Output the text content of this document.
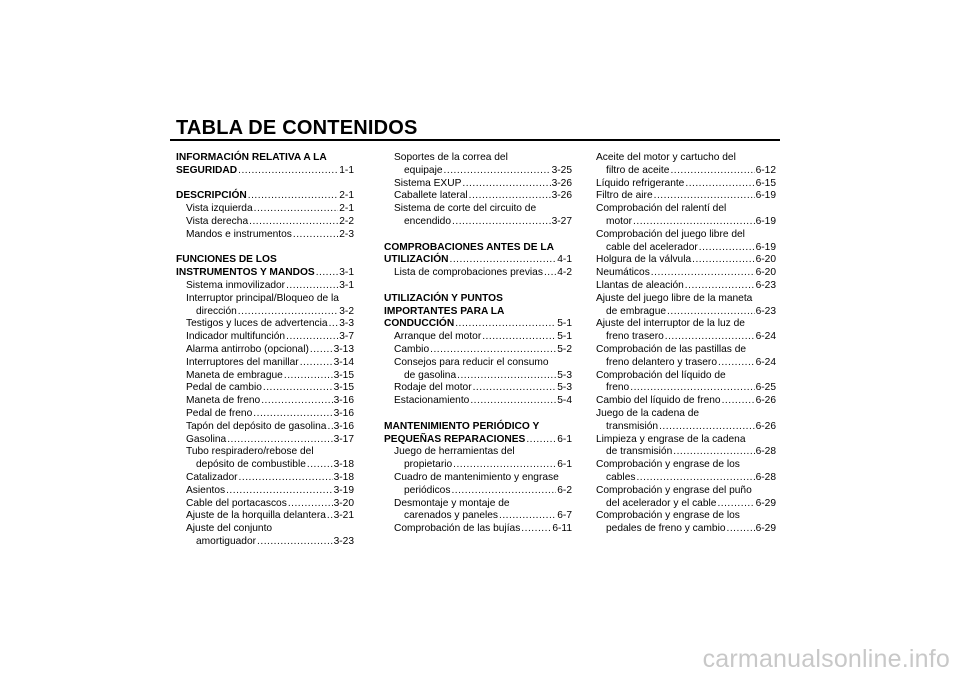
TABLA DE CONTENIDOS
INFORMACIÓN RELATIVA A LA
SEGURIDAD .....	1-1
DESCRIPCIÓN .....	2-1
Vista izquierda .....	2-1
Vista derecha .....	2-2
Mandos e instrumentos .....	2-3
FUNCIONES DE LOS
INSTRUMENTOS Y MANDOS ..... 3-1
Sistema inmovilizador .....	3-1
Interruptor principal/Bloqueo de la
dirección .....	3-2
Testigos y luces de advertencia ..... 3-3
Indicador multifunción .....	3-7
Alarma antirrobo (opcional) ..... 3-13
Interruptores del manillar .....	3-14
Maneta de embrague .....	3-15
Pedal de cambio .....	3-15
Maneta de freno .....	3-16
Pedal de freno .....	3-16
Tapón del depósito de gasolina ..... 3-16
Gasolina .....	3-17
Tubo respiradero/rebose del
depósito de combustible .....	3-18
Catalizador .....	3-18
Asientos .....	3-19
Cable del portacascos .....	3-20
Ajuste de la horquilla delantera ..... 3-21
Ajuste del conjunto
amortiguador .....	3-23
Soportes de la correa del
equipaje .....	3-25
Sistema EXUP .....	3-26
Caballete lateral .....	3-26
Sistema de corte del circuito de
encendido .....	3-27
COMPROBACIONES ANTES DE LA
UTILIZACIÓN .....	4-1
Lista de comprobaciones previas ..... 4-2
UTILIZACIÓN Y PUNTOS
IMPORTANTES PARA LA
CONDUCCIÓN .....	5-1
Arranque del motor .....	5-1
Cambio .....	5-2
Consejos para reducir el consumo
de gasolina .....	5-3
Rodaje del motor .....	5-3
Estacionamiento .....	5-4
MANTENIMIENTO PERIÓDICO Y
PEQUEÑAS REPARACIONES .....	6-1
Juego de herramientas del
propietario .....	6-1
Cuadro de mantenimiento y engrase
periódicos .....	6-2
Desmontaje y montaje de
carenados y paneles .....	6-7
Comprobación de las bujías .....	6-11
Aceite del motor y cartucho del
filtro de aceite .....	6-12
Líquido refrigerante .....	6-15
Filtro de aire .....	6-19
Comprobación del ralentí del
motor .....	6-19
Comprobación del juego libre del
cable del acelerador .....	6-19
Holgura de la válvula .....	6-20
Neumáticos .....	6-20
Llantas de aleación .....	6-23
Ajuste del juego libre de la maneta
de embrague .....	6-23
Ajuste del interruptor de la luz de
freno trasero .....	6-24
Comprobación de las pastillas de
freno delantero y trasero .....	6-24
Comprobación del líquido de
freno .....	6-25
Cambio del líquido de freno .....	6-26
Juego de la cadena de
transmisión .....	6-26
Limpieza y engrase de la cadena
de transmisión .....	6-28
Comprobación y engrase de los
cables .....	6-28
Comprobación y engrase del puño
del acelerador y el cable .....	6-29
Comprobación y engrase de los
pedales de freno y cambio .....	6-29
carmanualsonline.info
